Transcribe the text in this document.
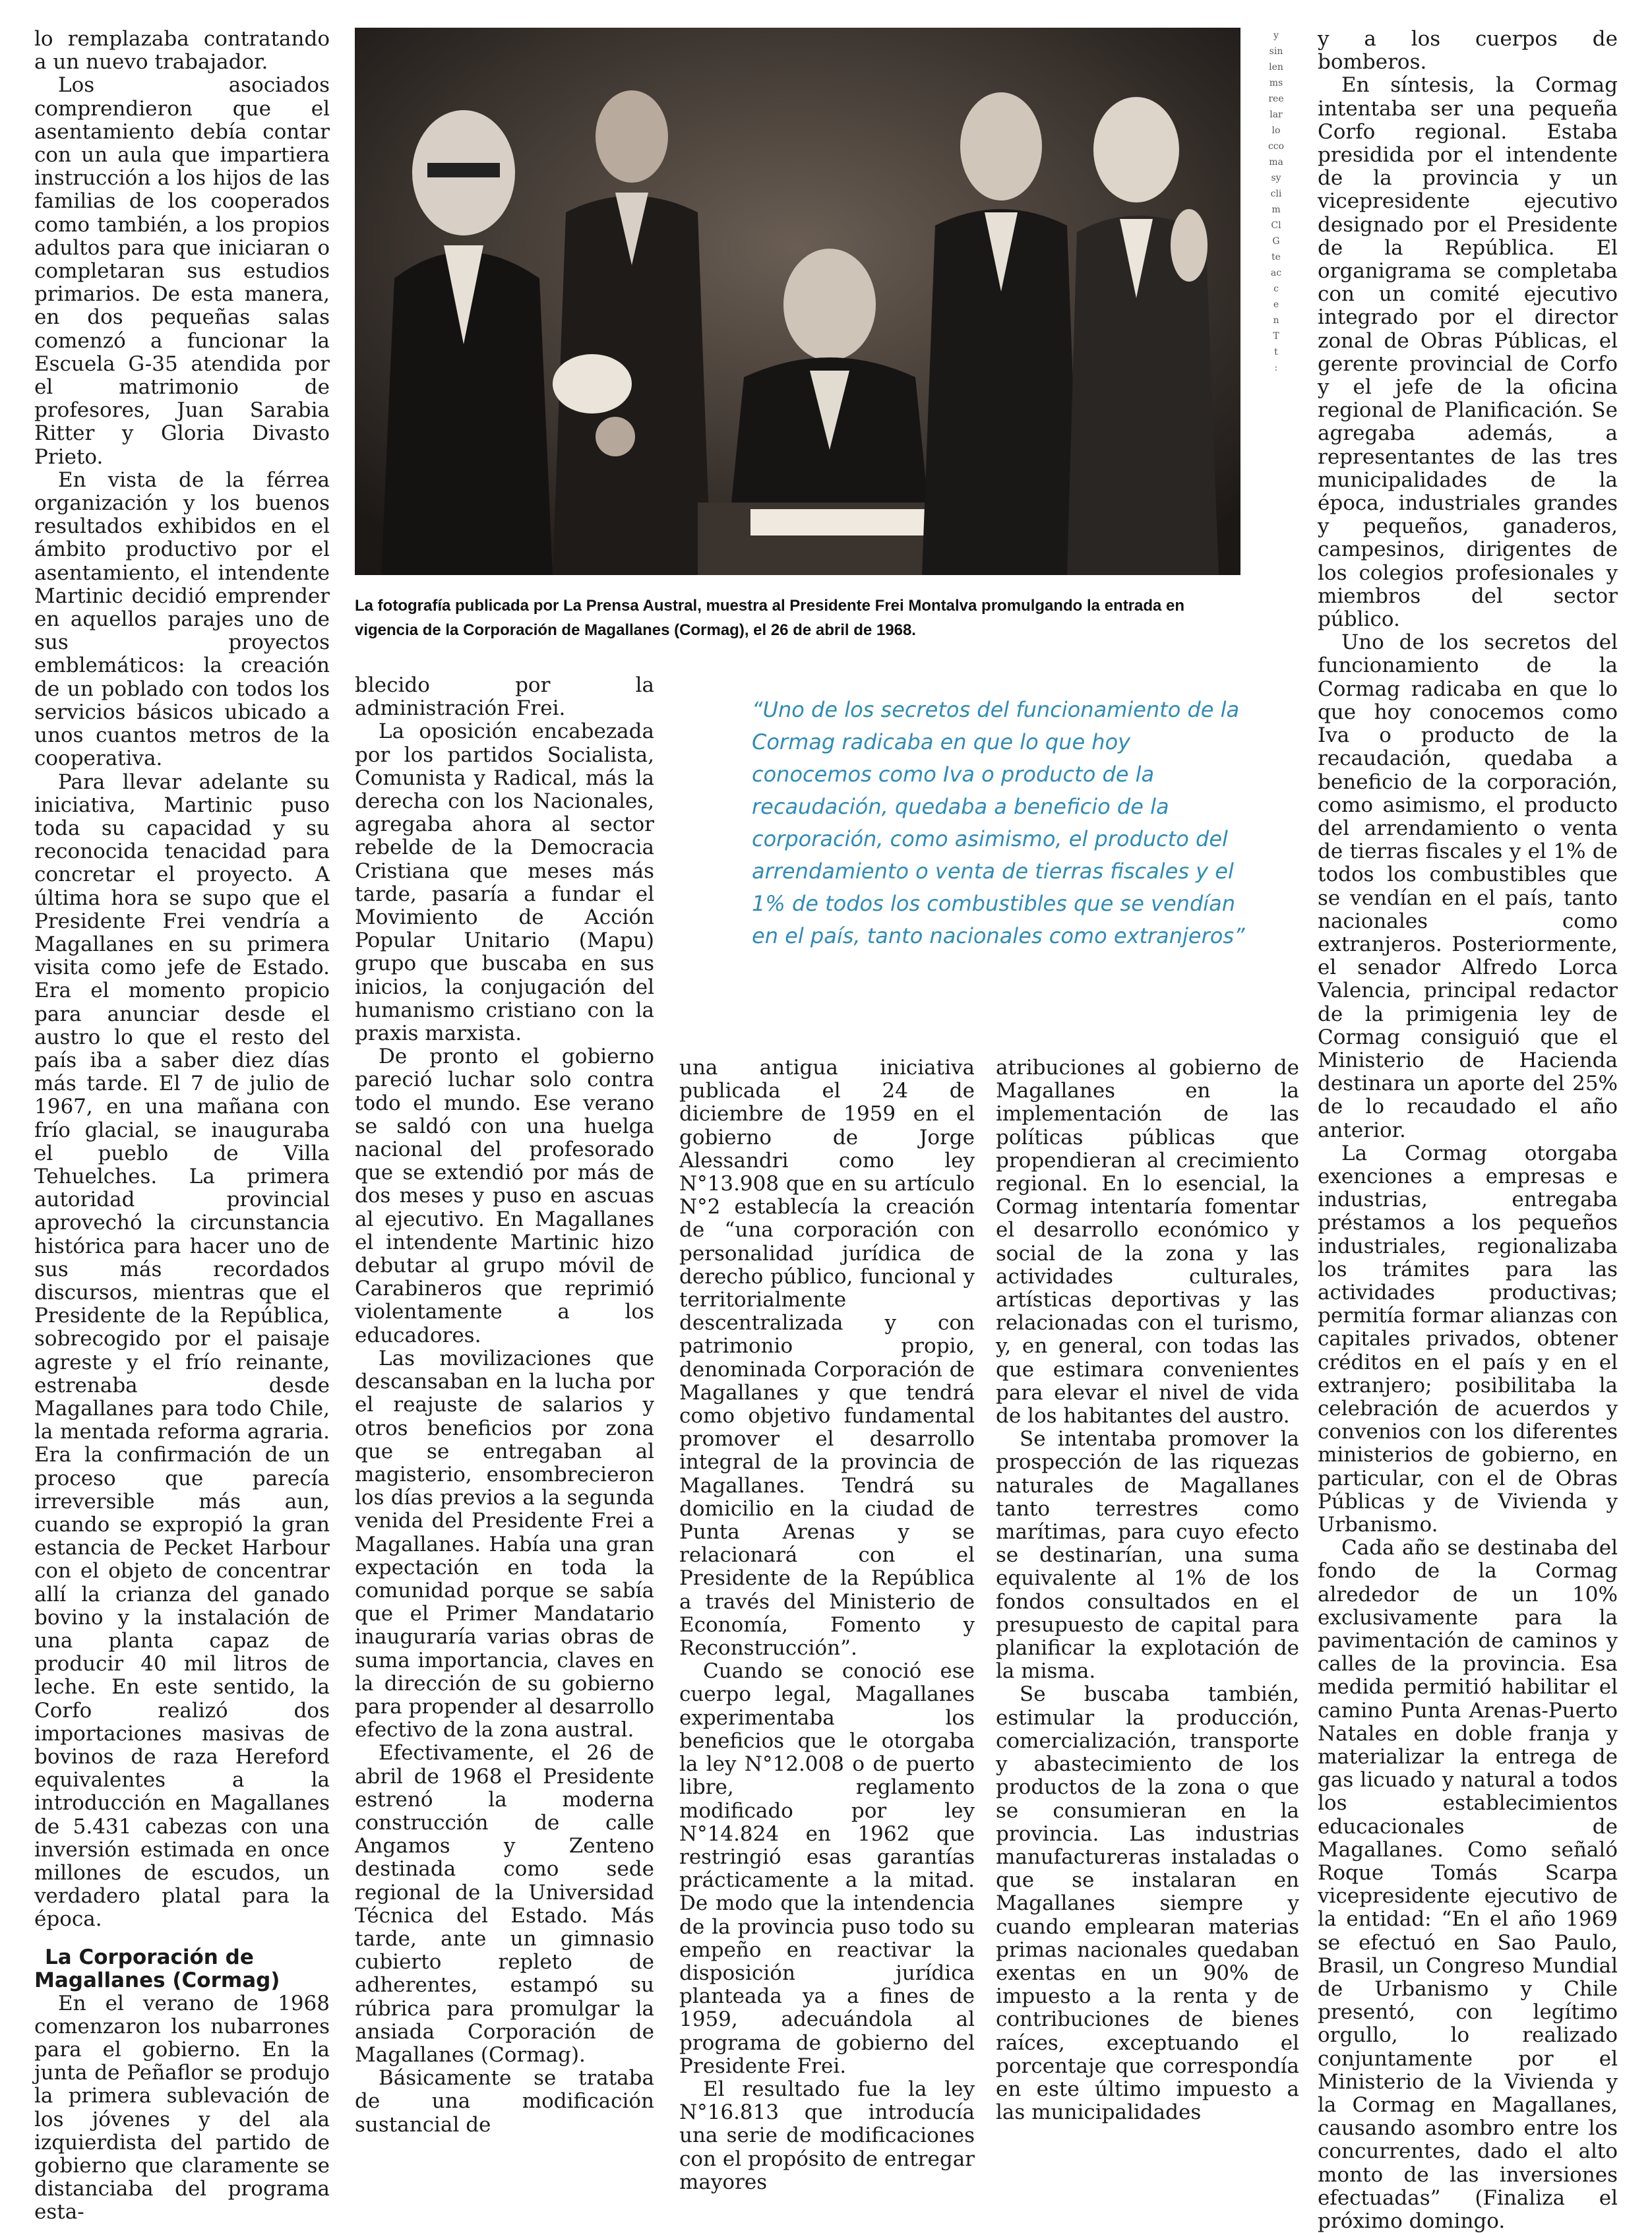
y
sin
len
ms
ree
lar
lo
cco
ma
sy
cli
m
Cl
G
te
ac
c
e
n
T
t
:
La fotografía publicada por La Prensa Austral, muestra al Presidente Frei Montalva promulgando la entrada en vigencia de la Corporación de Magallanes (Cormag), el 26 de abril de 1968.
“Uno de los secretos del funcionamiento de la Cormag radicaba en que lo que hoy conocemos como Iva o producto de la recaudación, quedaba a beneficio de la corporación, como asimismo, el producto del arrendamiento o venta de tierras fiscales y el 1% de todos los combustibles que se vendían en el país, tanto nacionales como extranjeros”

lo remplazaba contratando a un nuevo trabajador.

Los asociados comprendieron que el asentamiento debía contar con un aula que impartiera instrucción a los hijos de las familias de los cooperados como también, a los propios adultos para que iniciaran o completaran sus estudios primarios. De esta manera, en dos pequeñas salas comenzó a funcionar la Escuela G-35 atendida por el matrimonio de profesores, Juan Sarabia Ritter y Gloria Divasto Prieto.

En vista de la férrea organización y los buenos resultados exhibidos en el ámbito productivo por el asentamiento, el intendente Martinic decidió emprender en aquellos parajes uno de sus proyectos emblemáticos: la creación de un poblado con todos los servicios básicos ubicado a unos cuantos metros de la cooperativa.

Para llevar adelante su iniciativa, Martinic puso toda su capacidad y su reconocida tenacidad para concretar el proyecto. A última hora se supo que el Presidente Frei vendría a Magallanes en su primera visita como jefe de Estado. Era el momento propicio para anunciar desde el austro lo que el resto del país iba a saber diez días más tarde. El 7 de julio de 1967, en una mañana con frío glacial, se inauguraba el pueblo de Villa Tehuelches. La primera autoridad provincial aprovechó la circunstancia histórica para hacer uno de sus más recordados discursos, mientras que el Presidente de la República, sobrecogido por el paisaje agreste y el frío reinante, estrenaba desde Magallanes para todo Chile, la mentada reforma agraria. Era la confirmación de un proceso que parecía irreversible más aun, cuando se expropió la gran estancia de Pecket Harbour con el objeto de concentrar allí la crianza del ganado bovino y la instalación de una planta capaz de producir 40 mil litros de leche. En este sentido, la Corfo realizó dos importaciones masivas de bovinos de raza Hereford equivalentes a la introducción en Magallanes de 5.431 cabezas con una inversión estimada en once millones de escudos, un verdadero platal para la época.

La Corporación de Magallanes (Cormag)

En el verano de 1968 comenzaron los nubarrones para el gobierno. En la junta de Peñaflor se produjo la primera sublevación de los jóvenes y del ala izquierdista del partido de gobierno que claramente se distanciaba del programa esta-

blecido por la administración Frei.

La oposición encabezada por los partidos Socialista, Comunista y Radical, más la derecha con los Nacionales, agregaba ahora al sector rebelde de la Democracia Cristiana que meses más tarde, pasaría a fundar el Movimiento de Acción Popular Unitario (Mapu) grupo que buscaba en sus inicios, la conjugación del humanismo cristiano con la praxis marxista.

De pronto el gobierno pareció luchar solo contra todo el mundo. Ese verano se saldó con una huelga nacional del profesorado que se extendió por más de dos meses y puso en ascuas al ejecutivo. En Magallanes el intendente Martinic hizo debutar al grupo móvil de Carabineros que reprimió violentamente a los educadores.

Las movilizaciones que descansaban en la lucha por el reajuste de salarios y otros beneficios por zona que se entregaban al magisterio, ensombrecieron los días previos a la segunda venida del Presidente Frei a Magallanes. Había una gran expectación en toda la comunidad porque se sabía que el Primer Mandatario inauguraría varias obras de suma importancia, claves en la dirección de su gobierno para propender al desarrollo efectivo de la zona austral.

Efectivamente, el 26 de abril de 1968 el Presidente estrenó la moderna construcción de calle Angamos y Zenteno destinada como sede regional de la Universidad Técnica del Estado. Más tarde, ante un gimnasio cubierto repleto de adherentes, estampó su rúbrica para promulgar la ansiada Corporación de Magallanes (Cormag).

Básicamente se trataba de una modificación sustancial de

una antigua iniciativa publicada el 24 de diciembre de 1959 en el gobierno de Jorge Alessandri como ley N°13.908 que en su artículo N°2 establecía la creación de “una corporación con personalidad jurídica de derecho público, funcional y territorialmente descentralizada y con patrimonio propio, denominada Corporación de Magallanes y que tendrá como objetivo fundamental promover el desarrollo integral de la provincia de Magallanes. Tendrá su domicilio en la ciudad de Punta Arenas y se relacionará con el Presidente de la República a través del Ministerio de Economía, Fomento y Reconstrucción”.

Cuando se conoció ese cuerpo legal, Magallanes experimentaba los beneficios que le otorgaba la ley N°12.008 o de puerto libre, reglamento modificado por ley N°14.824 en 1962 que restringió esas garantías prácticamente a la mitad. De modo que la intendencia de la provincia puso todo su empeño en reactivar la disposición jurídica planteada ya a fines de 1959, adecuándola al programa de gobierno del Presidente Frei.

El resultado fue la ley N°16.813 que introducía una serie de modificaciones con el propósito de entregar mayores

atribuciones al gobierno de Magallanes en la implementación de las políticas públicas que propendieran al crecimiento regional. En lo esencial, la Cormag intentaría fomentar el desarrollo económico y social de la zona y las actividades culturales, artísticas deportivas y las relacionadas con el turismo, y, en general, con todas las que estimara convenientes para elevar el nivel de vida de los habitantes del austro.

Se intentaba promover la prospección de las riquezas naturales de Magallanes tanto terrestres como marítimas, para cuyo efecto se destinarían, una suma equivalente al 1% de los fondos consultados en el presupuesto de capital para planificar la explotación de la misma.

Se buscaba también, estimular la producción, comercialización, transporte y abastecimiento de los productos de la zona o que se consumieran en la provincia. Las industrias manufactureras instaladas o que se instalaran en Magallanes siempre y cuando emplearan materias primas nacionales quedaban exentas en un 90% de impuesto a la renta y de contribuciones de bienes raíces, exceptuando el porcentaje que correspondía en este último impuesto a las municipalidades

y a los cuerpos de bomberos.

En síntesis, la Cormag intentaba ser una pequeña Corfo regional. Estaba presidida por el intendente de la provincia y un vicepresidente ejecutivo designado por el Presidente de la República. El organigrama se completaba con un comité ejecutivo integrado por el director zonal de Obras Públicas, el gerente provincial de Corfo y el jefe de la oficina regional de Planificación. Se agregaba además, a representantes de las tres municipalidades de la época, industriales grandes y pequeños, ganaderos, campesinos, dirigentes de los colegios profesionales y miembros del sector público.

Uno de los secretos del funcionamiento de la Cormag radicaba en que lo que hoy conocemos como Iva o producto de la recaudación, quedaba a beneficio de la corporación, como asimismo, el producto del arrendamiento o venta de tierras fiscales y el 1% de todos los combustibles que se vendían en el país, tanto nacionales como extranjeros. Posteriormente, el senador Alfredo Lorca Valencia, principal redactor de la primigenia ley de Cormag consiguió que el Ministerio de Hacienda destinara un aporte del 25% de lo recaudado el año anterior.

La Cormag otorgaba exenciones a empresas e industrias, entregaba préstamos a los pequeños industriales, regionalizaba los trámites para las actividades productivas; permitía formar alianzas con capitales privados, obtener créditos en el país y en el extranjero; posibilitaba la celebración de acuerdos y convenios con los diferentes ministerios de gobierno, en particular, con el de Obras Públicas y de Vivienda y Urbanismo.

Cada año se destinaba del fondo de la Cormag alrededor de un 10% exclusivamente para la pavimentación de caminos y calles de la provincia. Esa medida permitió habilitar el camino Punta Arenas-Puerto Natales en doble franja y materializar la entrega de gas licuado y natural a todos los establecimientos educacionales de Magallanes. Como señaló Roque Tomás Scarpa vicepresidente ejecutivo de la entidad: “En el año 1969 se efectuó en Sao Paulo, Brasil, un Congreso Mundial de Urbanismo y Chile presentó, con legítimo orgullo, lo realizado conjuntamente por el Ministerio de la Vivienda y la Cormag en Magallanes, causando asombro entre los concurrentes, dado el alto monto de las inversiones efectuadas” (Finaliza el próximo domingo.
